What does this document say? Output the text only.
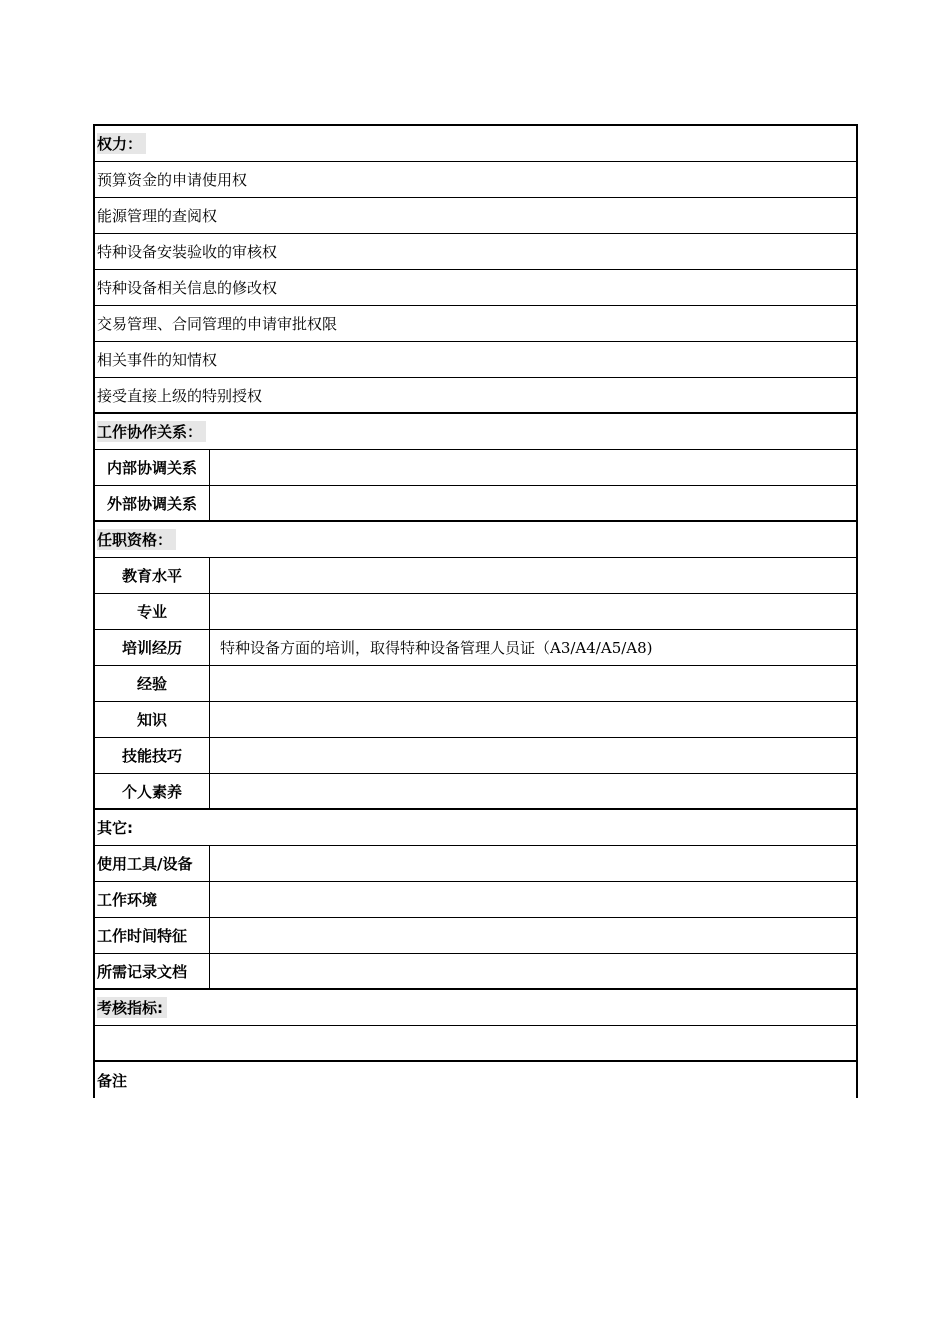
权力：
预算资金的申请使用权
能源管理的查阅权
特种设备安装验收的审核权
特种设备相关信息的修改权
交易管理、合同管理的申请审批权限
相关事件的知情权
接受直接上级的特别授权
工作协作关系：
内部协调关系
外部协调关系
任职资格：
教育水平
专业
培训经历	特种设备方面的培训，取得特种设备管理人员证（A3/A4/A5/A8)
经验
知识
技能技巧
个人素养
其它:
使用工具/设备
工作环境
工作时间特征
所需记录文档
考核指标:
备注
